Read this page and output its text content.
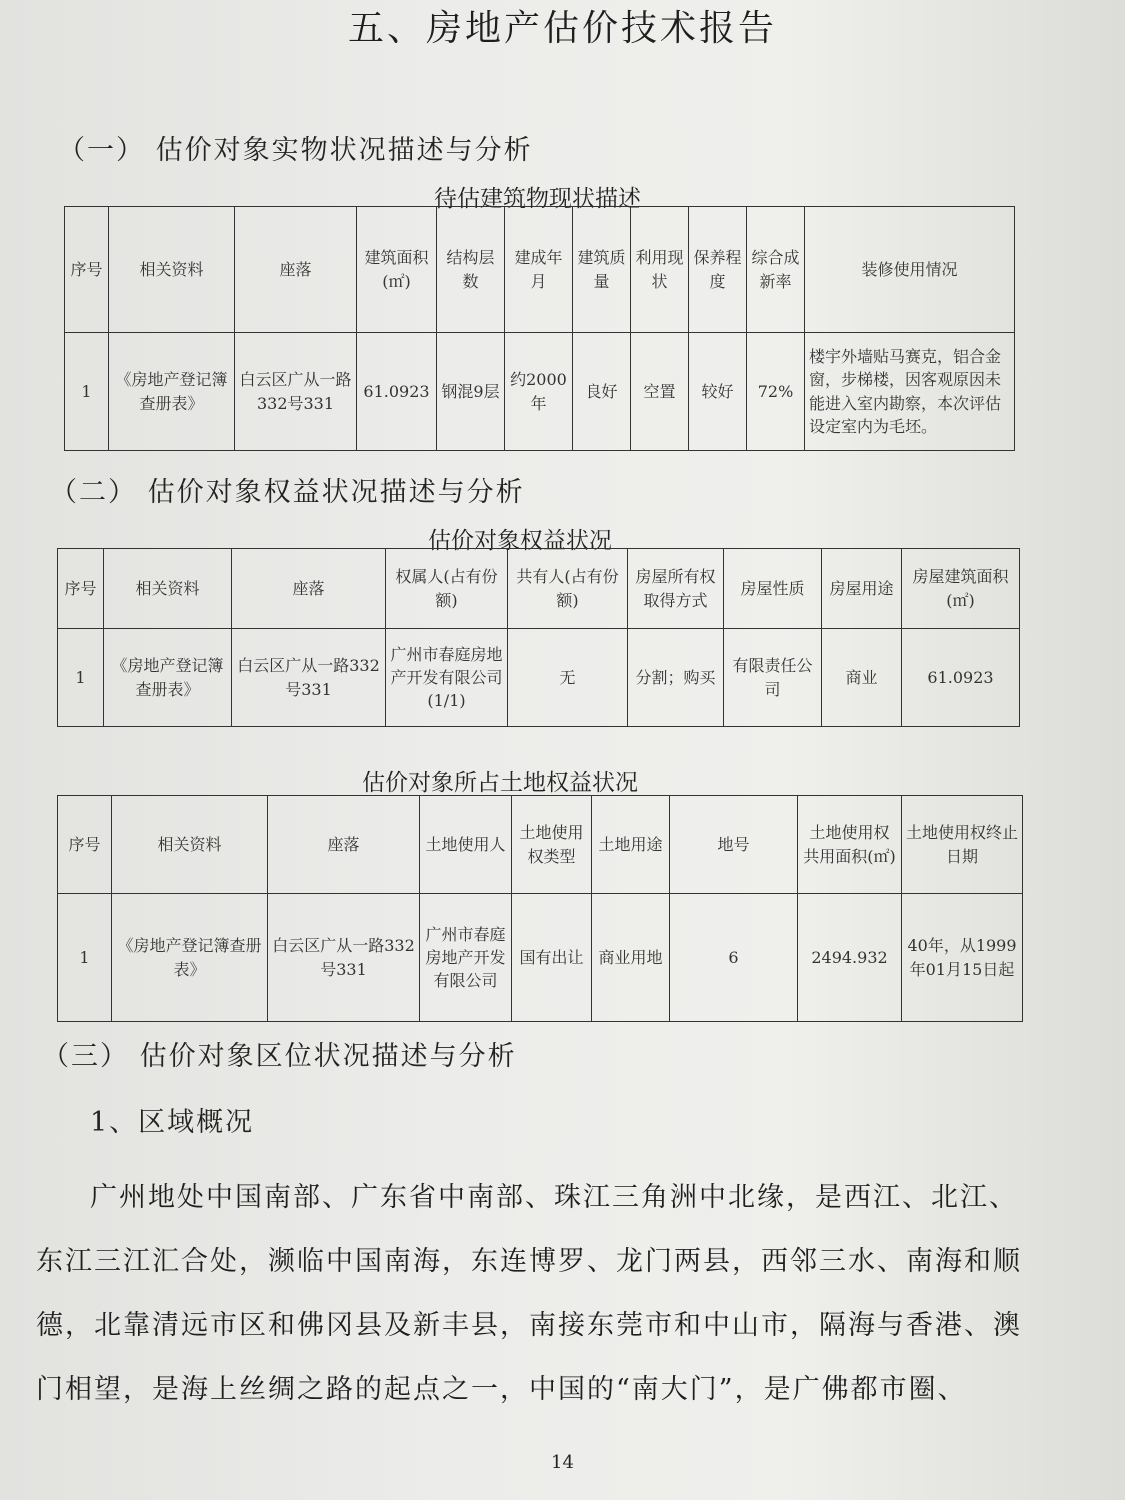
五、房地产估价技术报告
（一） 估价对象实物状况描述与分析
待估建筑物现状描述
序号	相关资料	座落	建筑面积(㎡)	结构层数	建成年月	建筑质量	利用现状	保养程度	综合成新率	装修使用情况
1	《房地产登记簿查册表》	白云区广从一路332号331	61.0923	钢混9层	约2000年	良好	空置	较好	72%	楼宇外墙贴马赛克，铝合金窗，步梯楼，因客观原因未能进入室内勘察，本次评估设定室内为毛坯。
（二） 估价对象权益状况描述与分析
估价对象权益状况
序号	相关资料	座落	权属人(占有份额)	共有人(占有份额)	房屋所有权取得方式	房屋性质	房屋用途	房屋建筑面积(㎡)
1	《房地产登记簿查册表》	白云区广从一路332号331	广州市春庭房地产开发有限公司(1/1)	无	分割；购买	有限责任公司	商业	61.0923
估价对象所占土地权益状况
序号	相关资料	座落	土地使用人	土地使用权类型	土地用途	地号	土地使用权共用面积(㎡)	土地使用权终止日期
1	《房地产登记簿查册表》	白云区广从一路332号331	广州市春庭房地产开发有限公司	国有出让	商业用地	6	2494.932	40年，从1999年01月15日起
（三） 估价对象区位状况描述与分析
1、区域概况
广州地处中国南部、广东省中南部、珠江三角洲中北缘，是西江、北江、东江三江汇合处，濒临中国南海，东连博罗、龙门两县，西邻三水、南海和顺德，北靠清远市区和佛冈县及新丰县，南接东莞市和中山市，隔海与香港、澳门相望，是海上丝绸之路的起点之一，中国的“南大门”，是广佛都市圈、
14
